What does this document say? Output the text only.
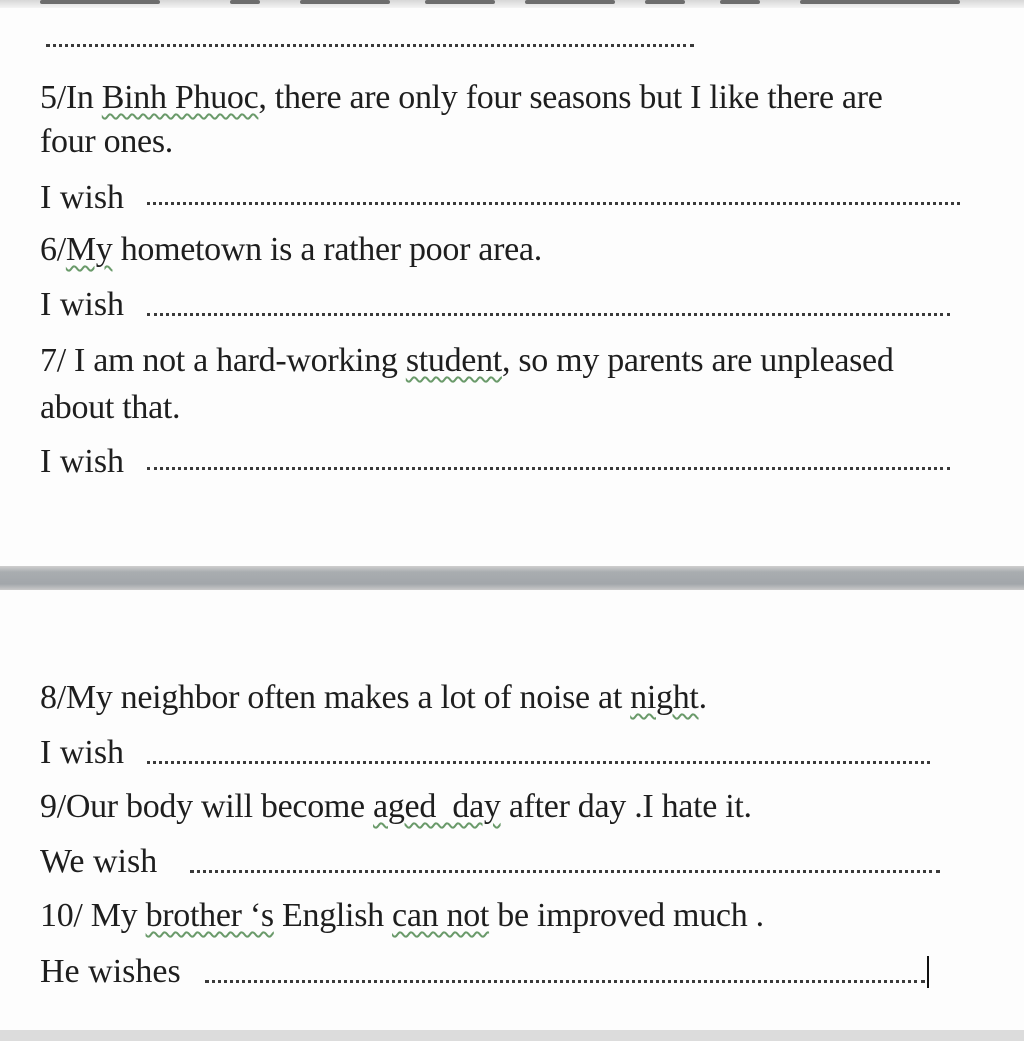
5/In Binh Phuoc, there are only four seasons but I like there are

four ones.

I wish

6/My hometown is a rather poor area.

I wish

7/ I am not a hard-working student, so my parents are unpleased

about that.

I wish

8/My neighbor often makes a lot of noise at night.

I wish

9/Our body will become aged  day after day .I hate it.

We wish

10/ My brother ‘s English can not be improved much .

He wishes
